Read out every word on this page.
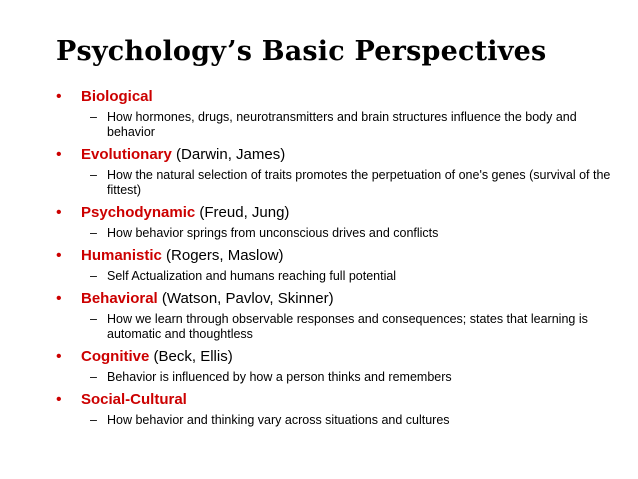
Psychology’s Basic Perspectives
• Biological
– How hormones, drugs, neurotransmitters and brain structures influence the body and behavior
• Evolutionary (Darwin, James)
– How the natural selection of traits promotes the perpetuation of one's genes (survival of the fittest)
• Psychodynamic (Freud, Jung)
– How behavior springs from unconscious drives and conflicts
• Humanistic (Rogers, Maslow)
– Self Actualization and humans reaching full potential
• Behavioral (Watson, Pavlov, Skinner)
– How we learn through observable responses and consequences; states that learning is automatic and thoughtless
• Cognitive (Beck, Ellis)
– Behavior is influenced by how a person thinks and remembers
• Social-Cultural
– How behavior and thinking vary across situations and cultures
